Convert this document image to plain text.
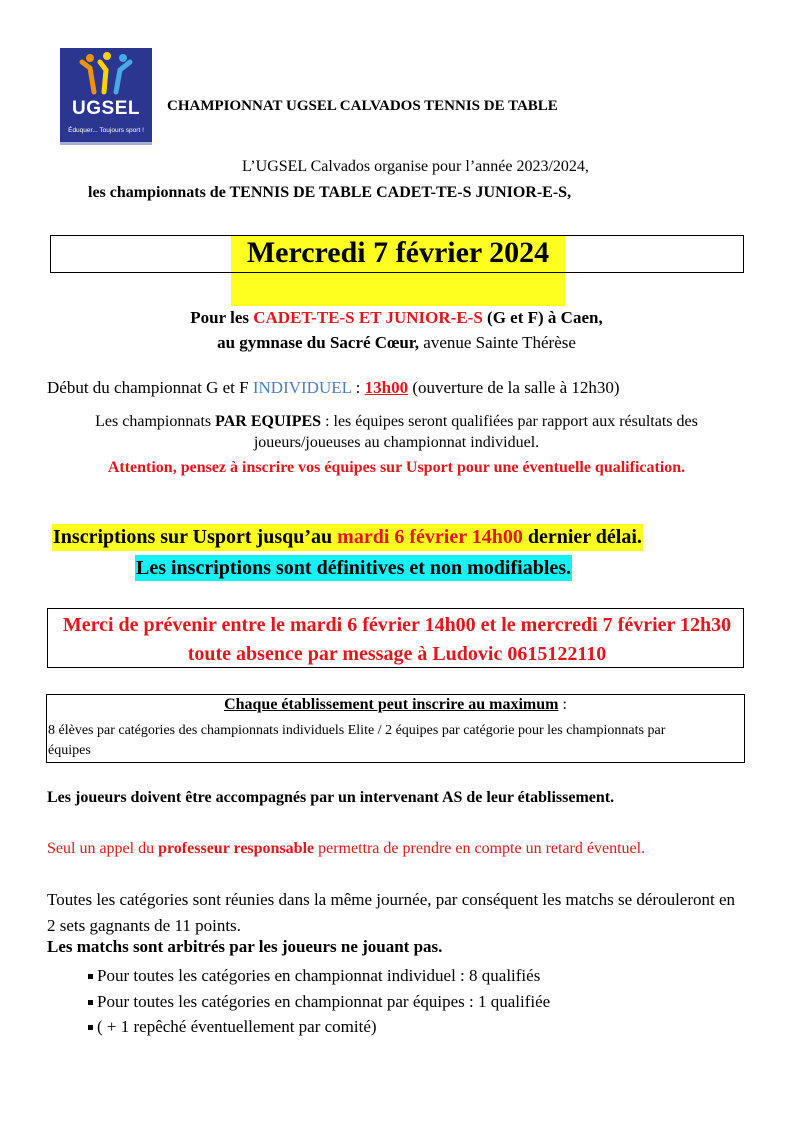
UGSEL
Éduquer... Toujours sport !
CHAMPIONNAT UGSEL CALVADOS TENNIS DE TABLE
L’UGSEL Calvados organise pour l’année 2023/2024,
les championnats de TENNIS DE TABLE CADET-TE-S JUNIOR-E-S,
Mercredi 7 février 2024
Pour les CADET-TE-S ET JUNIOR-E-S (G et F) à Caen,
au gymnase du Sacré Cœur, avenue Sainte Thérèse
Début du championnat G et F INDIVIDUEL : 13h00 (ouverture de la salle à 12h30)
Les championnats PAR EQUIPES : les équipes seront qualifiées par rapport aux résultats des joueurs/joueuses au championnat individuel.
Attention, pensez à inscrire vos équipes sur Usport pour une éventuelle qualification.
Inscriptions sur Usport jusqu’au mardi 6 février 14h00 dernier délai.
Les inscriptions sont définitives et non modifiables.
Merci de prévenir entre le mardi 6 février 14h00 et le mercredi 7 février 12h30 toute absence par message à Ludovic 0615122110
Chaque établissement peut inscrire au maximum :
8 élèves par catégories des championnats individuels Elite / 2 équipes par catégorie pour les championnats par équipes
Les joueurs doivent être accompagnés par un intervenant AS de leur établissement.
Seul un appel du professeur responsable permettra de prendre en compte un retard éventuel.
Toutes les catégories sont réunies dans la même journée, par conséquent les matchs se dérouleront en 2 sets gagnants de 11 points.
Les matchs sont arbitrés par les joueurs ne jouant pas.
Pour toutes les catégories en championnat individuel : 8 qualifiés
Pour toutes les catégories en championnat par équipes : 1 qualifiée
( + 1 repêché éventuellement par comité)
